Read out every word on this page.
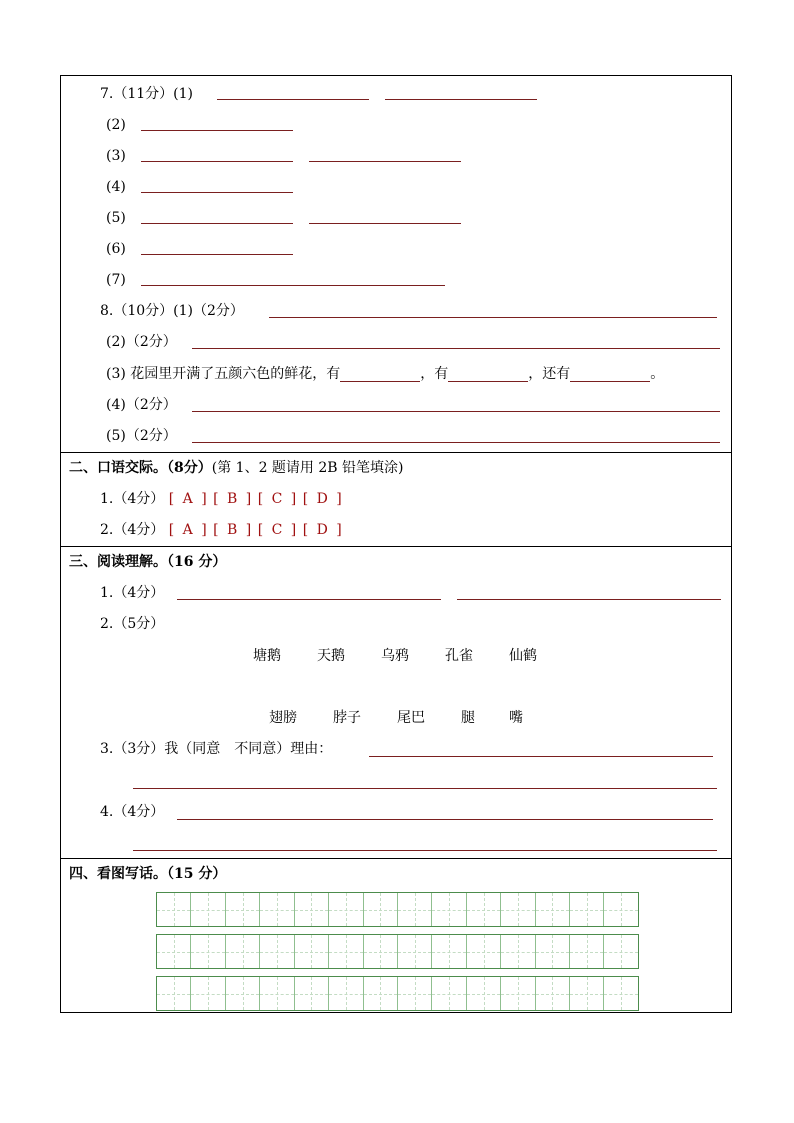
7.（11分）(1)
(2)
(3)
(4)
(5)
(6)
(7)
8.（10分）(1)（2分）
(2)（2分）
(3) 花园里开满了五颜六色的鲜花，有	，有	，还有	。
(4)（2分）
(5)（2分）
二、口语交际。（8分）(第 1、2 题请用 2B 铅笔填涂)
1.（4分） [ A ] [ B ] [ C ] [ D ]
2.（4分） [ A ] [ B ] [ C ] [ D ]
三、阅读理解。（16 分）
1.（4分）
2.（5分）
塘鹅	天鹅	乌鸦	孔雀	仙鹤
翅膀	脖子	尾巴	腿 嘴
3.（3分）我（同意　不同意）理由：
4.（4分）
四、看图写话。（15 分）
